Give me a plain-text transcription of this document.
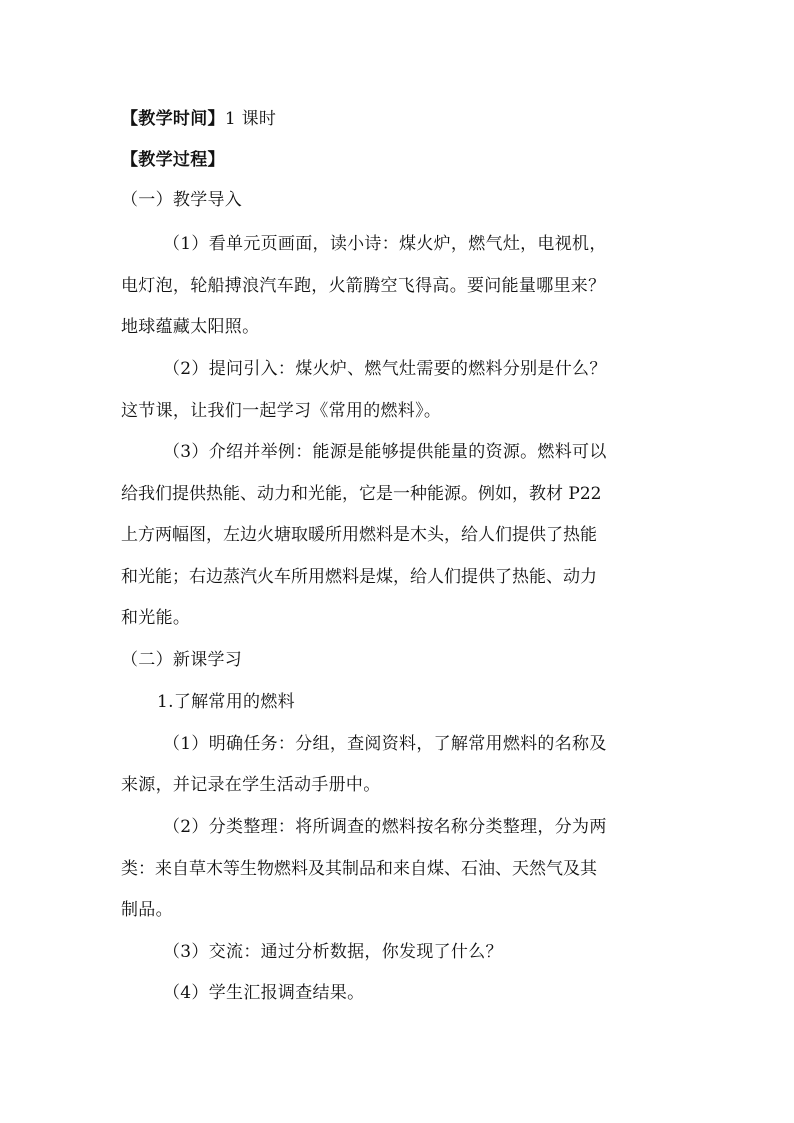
【教学时间】1 课时
【教学过程】
（一）教学导入
（1）看单元页画面，读小诗：煤火炉，燃气灶，电视机，
电灯泡，轮船搏浪汽车跑，火箭腾空飞得高。要问能量哪里来？
地球蕴藏太阳照。
（2）提问引入：煤火炉、燃气灶需要的燃料分别是什么？
这节课，让我们一起学习《常用的燃料》。
（3）介绍并举例：能源是能够提供能量的资源。燃料可以
给我们提供热能、动力和光能，它是一种能源。例如，教材 P22
上方两幅图，左边火塘取暖所用燃料是木头，给人们提供了热能
和光能；右边蒸汽火车所用燃料是煤，给人们提供了热能、动力
和光能。
（二）新课学习
1.了解常用的燃料
（1）明确任务：分组，查阅资料，了解常用燃料的名称及
来源，并记录在学生活动手册中。
（2）分类整理：将所调查的燃料按名称分类整理，分为两
类：来自草木等生物燃料及其制品和来自煤、石油、天然气及其
制品。
（3）交流：通过分析数据，你发现了什么？
（4）学生汇报调查结果。
